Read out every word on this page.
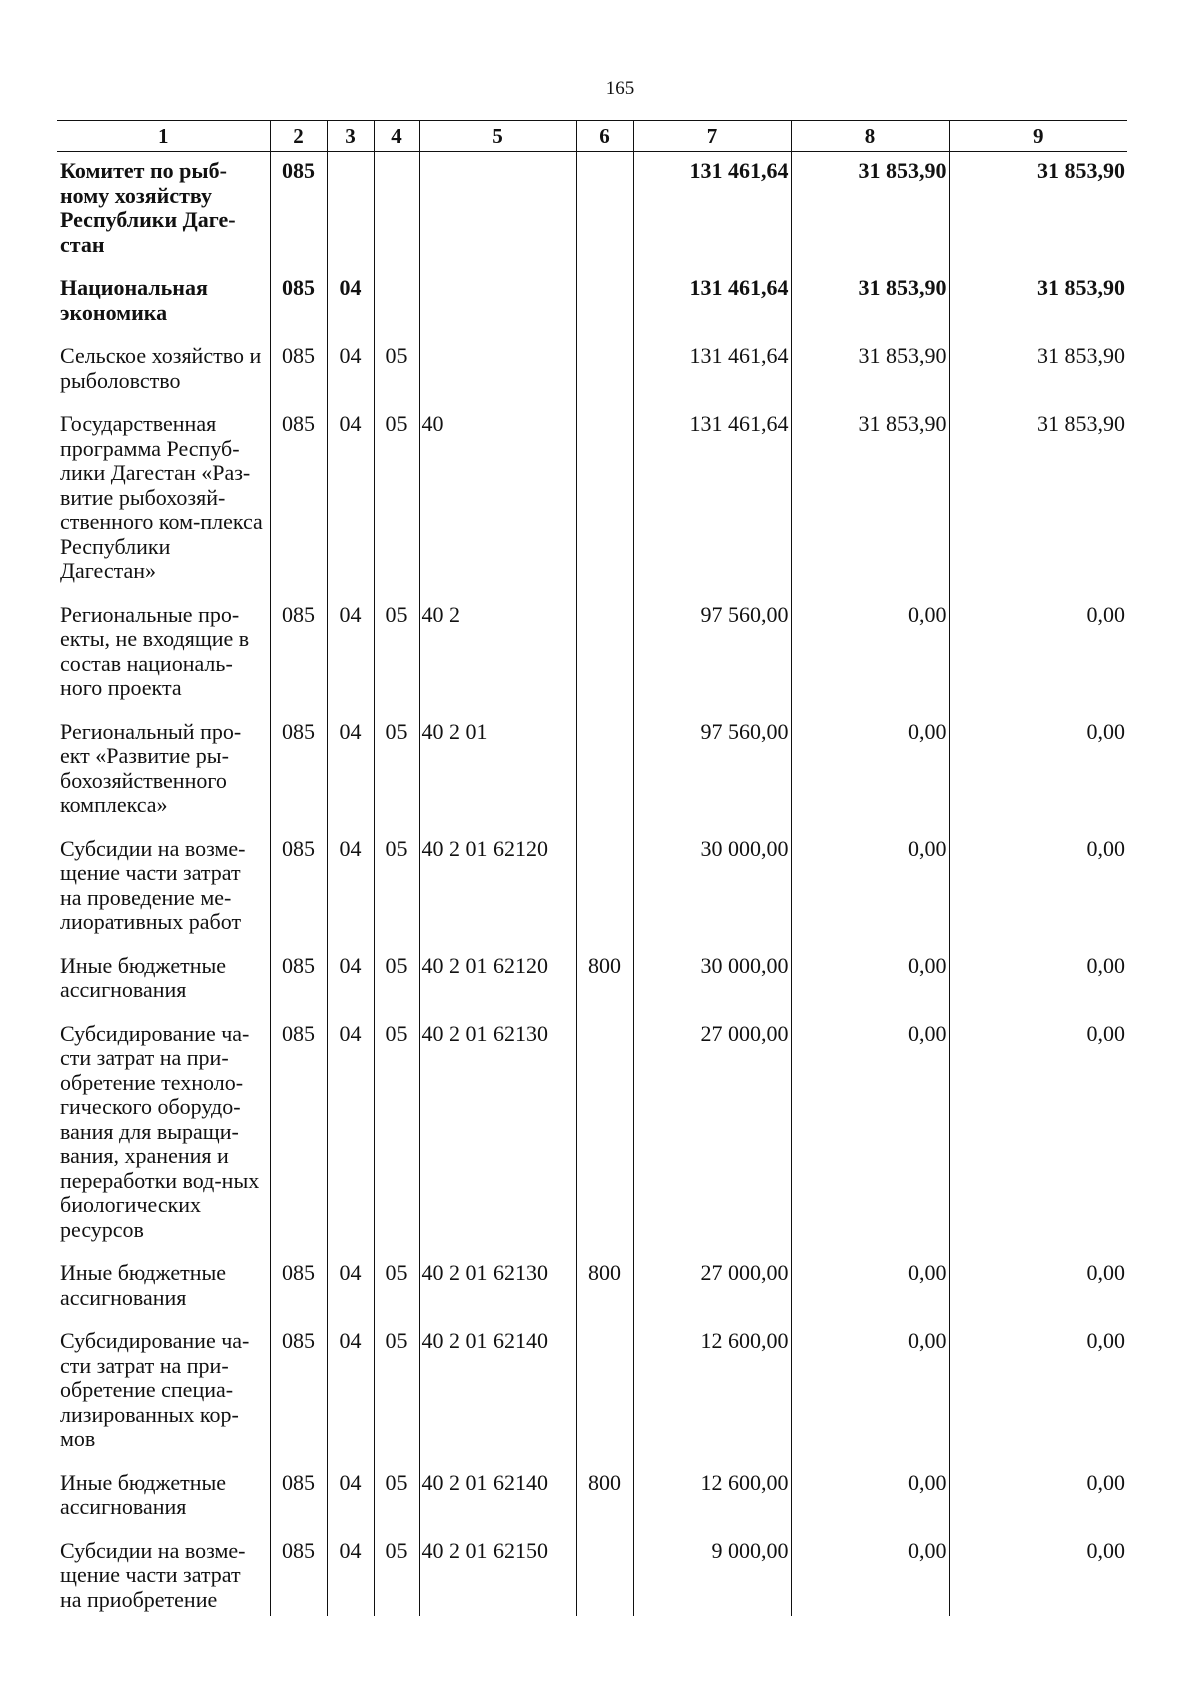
165
1	2	3	4	5	6	7	8	9
Комитет по рыб-ному хозяйству Республики Даге-стан	085					131 461,64	31 853,90	31 853,90
Национальная экономика	085	04				131 461,64	31 853,90	31 853,90
Сельское хозяйство и рыболовство	085	04	05			131 461,64	31 853,90	31 853,90
Государственная программа Респуб-лики Дагестан «Раз-витие рыбохозяй-ственного ком-плекса Республики Дагестан»	085	04	05	40		131 461,64	31 853,90	31 853,90
Региональные про-екты, не входящие в состав националь-ного проекта	085	04	05	40 2		97 560,00	0,00	0,00
Региональный про-ект «Развитие ры-бохозяйственного комплекса»	085	04	05	40 2 01		97 560,00	0,00	0,00
Субсидии на возме-щение части затрат на проведение ме-лиоративных работ	085	04	05	40 2 01 62120		30 000,00	0,00	0,00
Иные бюджетные ассигнования	085	04	05	40 2 01 62120	800	30 000,00	0,00	0,00
Субсидирование ча-сти затрат на при-обретение техноло-гического оборудо-вания для выращи-вания, хранения и переработки вод-ных биологических ресурсов	085	04	05	40 2 01 62130		27 000,00	0,00	0,00
Иные бюджетные ассигнования	085	04	05	40 2 01 62130	800	27 000,00	0,00	0,00
Субсидирование ча-сти затрат на при-обретение специа-лизированных кор-мов	085	04	05	40 2 01 62140		12 600,00	0,00	0,00
Иные бюджетные ассигнования	085	04	05	40 2 01 62140	800	12 600,00	0,00	0,00
Субсидии на возме-щение части затрат на приобретение	085	04	05	40 2 01 62150		9 000,00	0,00	0,00
